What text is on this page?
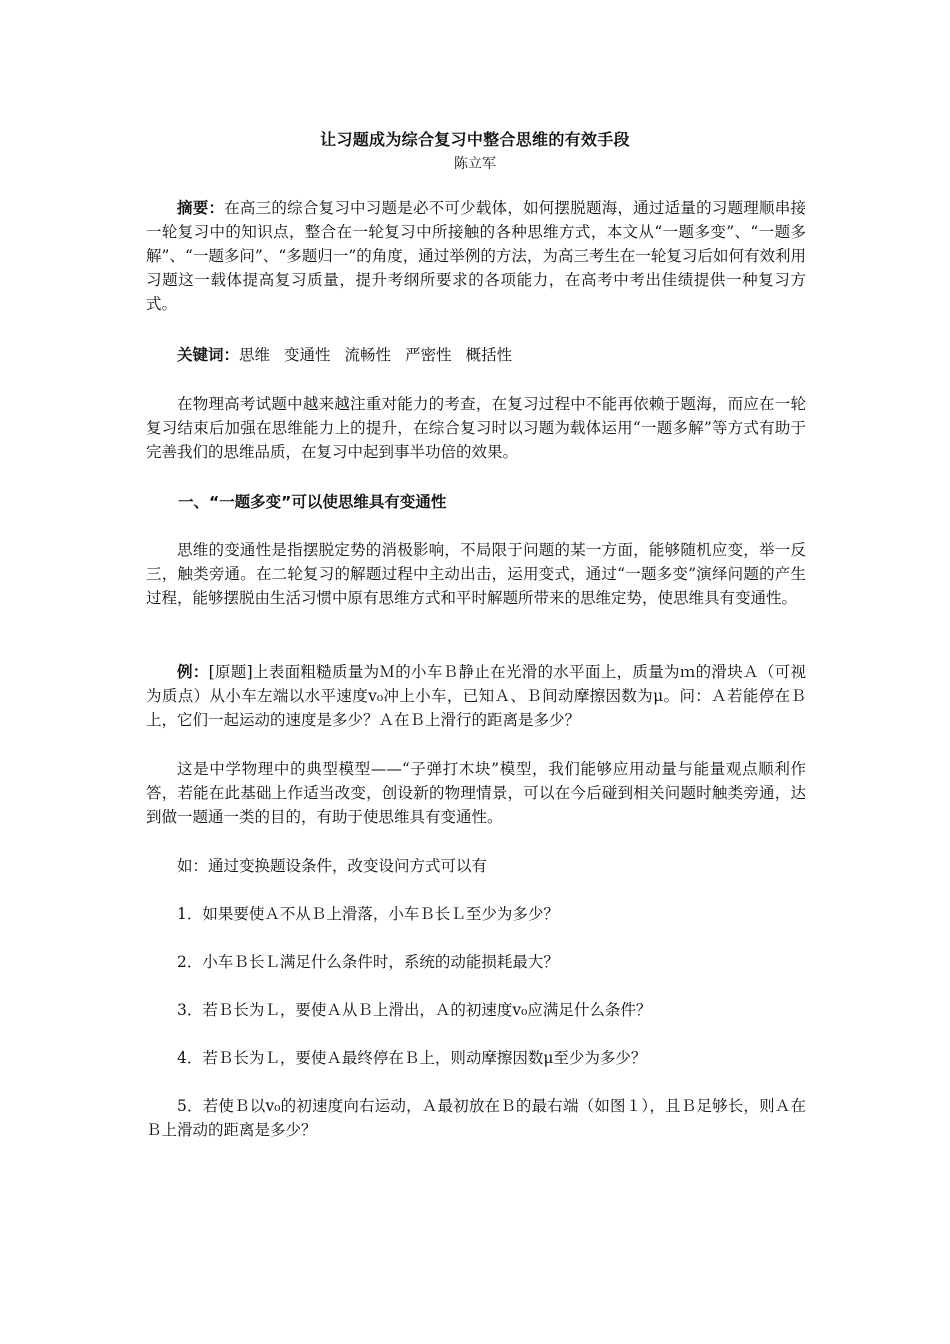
让习题成为综合复习中整合思维的有效手段
陈立军

摘要：在高三的综合复习中习题是必不可少载体，如何摆脱题海，通过适量的习题理顺串接一轮复习中的知识点，整合在一轮复习中所接触的各种思维方式，本文从“一题多变”、“一题多解”、“一题多问”、“多题归一”的角度，通过举例的方法，为高三考生在一轮复习后如何有效利用习题这一载体提高复习质量，提升考纲所要求的各项能力，在高考中考出佳绩提供一种复习方式。

关键词：思维 变通性 流畅性 严密性 概括性

在物理高考试题中越来越注重对能力的考查，在复习过程中不能再依赖于题海，而应在一轮复习结束后加强在思维能力上的提升，在综合复习时以习题为载体运用“一题多解”等方式有助于完善我们的思维品质，在复习中起到事半功倍的效果。

一、“一题多变”可以使思维具有变通性

思维的变通性是指摆脱定势的消极影响，不局限于问题的某一方面，能够随机应变，举一反三，触类旁通。在二轮复习的解题过程中主动出击，运用变式，通过“一题多变”演绎问题的产生过程，能够摆脱由生活习惯中原有思维方式和平时解题所带来的思维定势，使思维具有变通性。

例：[原题]上表面粗糙质量为Ｍ的小车Ｂ静止在光滑的水平面上，质量为ｍ的滑块Ａ（可视为质点）从小车左端以水平速度v₀冲上小车，已知Ａ、Ｂ间动摩擦因数为μ。问：Ａ若能停在Ｂ上，它们一起运动的速度是多少？Ａ在Ｂ上滑行的距离是多少？

这是中学物理中的典型模型——“子弹打木块”模型，我们能够应用动量与能量观点顺利作答，若能在此基础上作适当改变，创设新的物理情景，可以在今后碰到相关问题时触类旁通，达到做一题通一类的目的，有助于使思维具有变通性。

如：通过变换题设条件，改变设问方式可以有

1．如果要使Ａ不从Ｂ上滑落，小车Ｂ长Ｌ至少为多少？

2．小车Ｂ长Ｌ满足什么条件时，系统的动能损耗最大？

3．若Ｂ长为Ｌ，要使Ａ从Ｂ上滑出，Ａ的初速度v₀应满足什么条件？

4．若Ｂ长为Ｌ，要使Ａ最终停在Ｂ上，则动摩擦因数μ至少为多少？

5．若使Ｂ以v₀的初速度向右运动，Ａ最初放在Ｂ的最右端（如图１），且Ｂ足够长，则Ａ在Ｂ上滑动的距离是多少？
